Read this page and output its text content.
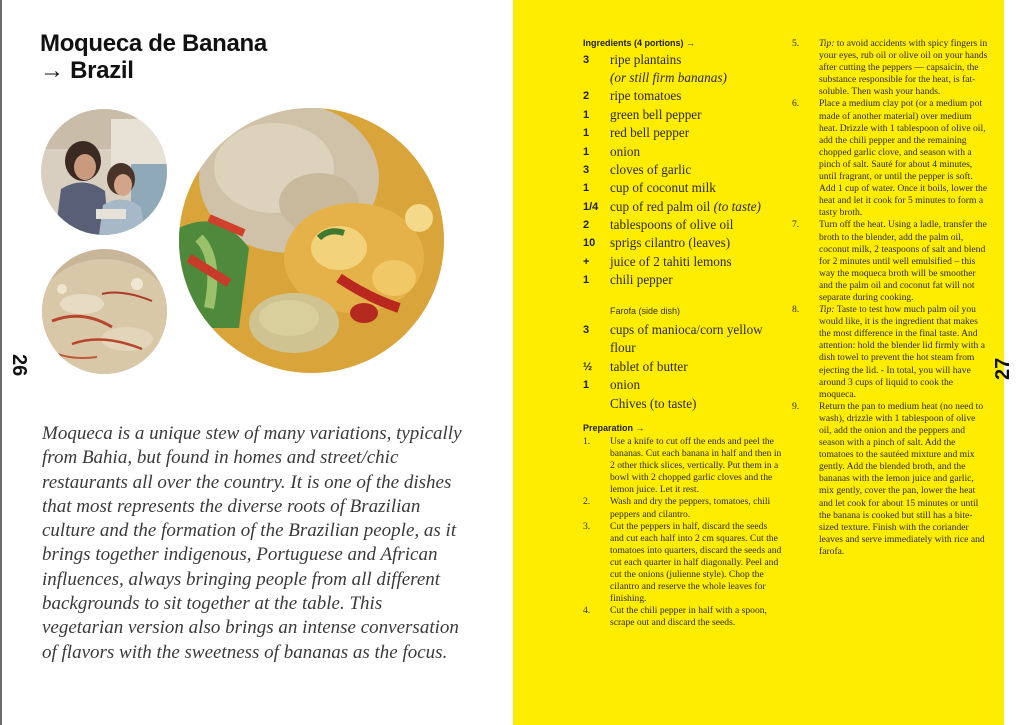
Moqueca de Banana
→ Brazil
26
Moqueca is a unique stew of many variations, typically from Bahia, but found in homes and street/chic restaurants all over the country. It is one of the dishes that most represents the diverse roots of Brazilian culture and the formation of the Brazilian people, as it brings together indigenous, Portuguese and African influences, always bringing people from all different backgrounds to sit together at the table. This vegetarian version also brings an intense conversation of flavors with the sweetness of bananas as the focus.
27
Ingredients (4 portions) →
3 ripe plantains
(or still firm bananas)
2 ripe tomatoes
1 green bell pepper
1 red bell pepper
1 onion
3 cloves of garlic
1 cup of coconut milk
1/4 cup of red palm oil (to taste)
2 tablespoons of olive oil
10 sprigs cilantro (leaves)
+ juice of 2 tahiti lemons
1 chili pepper
Farofa (side dish)
3 cups of manioca/corn yellow
flour
½ tablet of butter
1 onion
Chives (to taste)
Preparation →
1. Use a knife to cut off the ends and peel the bananas. Cut each banana in half and then in 2 other thick slices, vertically. Put them in a bowl with 2 chopped garlic cloves and the lemon juice. Let it rest.
2. Wash and dry the peppers, tomatoes, chili peppers and cilantro.
3. Cut the peppers in half, discard the seeds and cut each half into 2 cm squares. Cut the tomatoes into quarters, discard the seeds and cut each quarter in half diagonally. Peel and cut the onions (julienne style). Chop the cilantro and reserve the whole leaves for finishing.
4. Cut the chili pepper in half with a spoon, scrape out and discard the seeds.
5. Tip: to avoid accidents with spicy fingers in your eyes, rub oil or olive oil on your hands after cutting the peppers — capsaicin, the substance responsible for the heat, is fat-soluble. Then wash your hands.
6. Place a medium clay pot (or a medium pot made of another material) over medium heat. Drizzle with 1 tablespoon of olive oil, add the chili pepper and the remaining chopped garlic clove, and season with a pinch of salt. Sauté for about 4 minutes, until fragrant, or until the pepper is soft. Add 1 cup of water. Once it boils, lower the heat and let it cook for 5 minutes to form a tasty broth.
7. Turn off the heat. Using a ladle, transfer the broth to the blender, add the palm oil, coconut milk, 2 teaspoons of salt and blend for 2 minutes until well emulsified – this way the moqueca broth will be smoother and the palm oil and coconut fat will not separate during cooking.
8. Tip: Taste to test how much palm oil you would like, it is the ingredient that makes the most difference in the final taste. And attention: hold the blender lid firmly with a dish towel to prevent the hot steam from ejecting the lid. - In total, you will have around 3 cups of liquid to cook the moqueca.
9. Return the pan to medium heat (no need to wash), drizzle with 1 tablespoon of olive oil, add the onion and the peppers and season with a pinch of salt. Add the tomatoes to the sautéed mixture and mix gently. Add the blended broth, and the bananas with the lemon juice and garlic, mix gently, cover the pan, lower the heat and let cook for about 15 minutes or until the banana is cooked but still has a bite-sized texture. Finish with the coriander leaves and serve immediately with rice and farofa.
